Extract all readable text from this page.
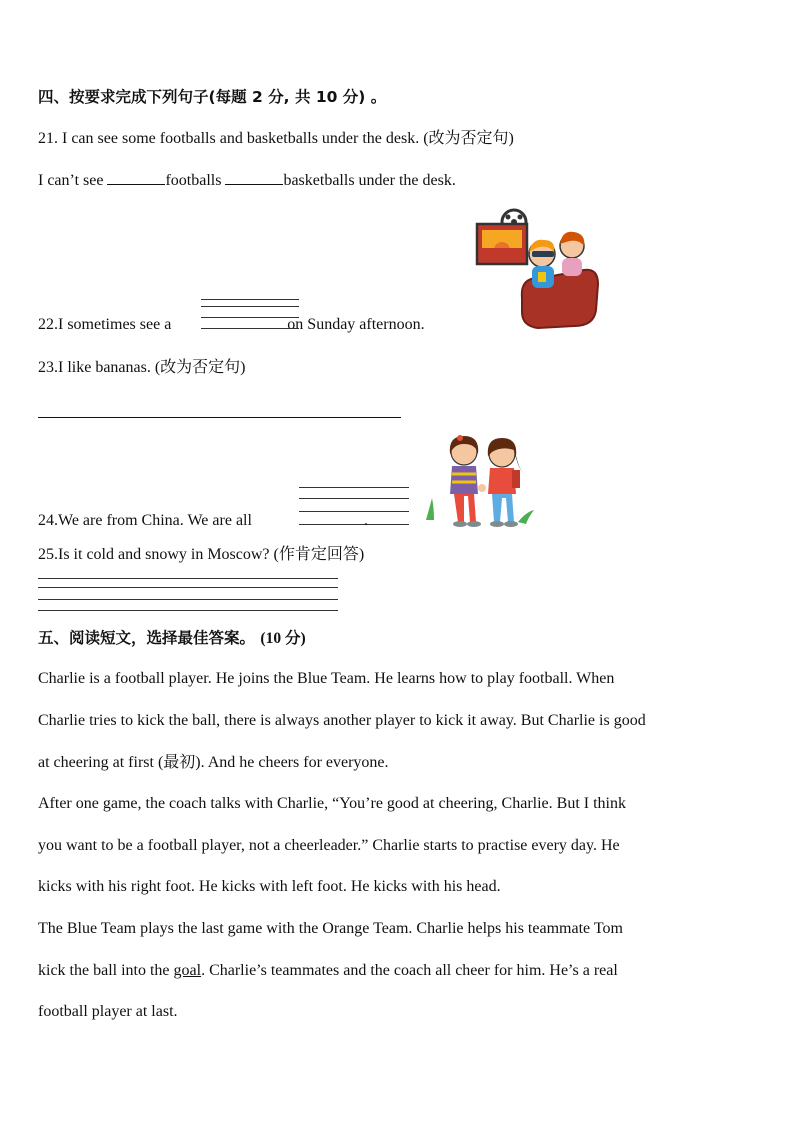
四、按要求完成下列句子(每题 2 分, 共 10 分) 。
21. I can see some footballs and basketballs under the desk. (改为否定句)
I can’t see	footballs	basketballs under the desk.
22.I sometimes see a	on Sunday afternoon.
23.I like bananas. (改为否定句)
24.We are from China. We are all	.
25.Is it cold and snowy in Moscow? (作肯定回答)
五、阅读短文，选择最佳答案。 (10 分)
Charlie is a football player. He joins the Blue Team. He learns how to play football. When
Charlie tries to kick the ball, there is always another player to kick it away. But Charlie is good
at cheering at first (最初). And he cheers for everyone.
After one game, the coach talks with Charlie, “You’re good at cheering, Charlie. But I think
you want to be a football player, not a cheerleader.” Charlie starts to practise every day. He
kicks with his right foot. He kicks with left foot. He kicks with his head.
The Blue Team plays the last game with the Orange Team. Charlie helps his teammate Tom
kick the ball into the goal. Charlie’s teammates and the coach all cheer for him. He’s a real
football player at last.
